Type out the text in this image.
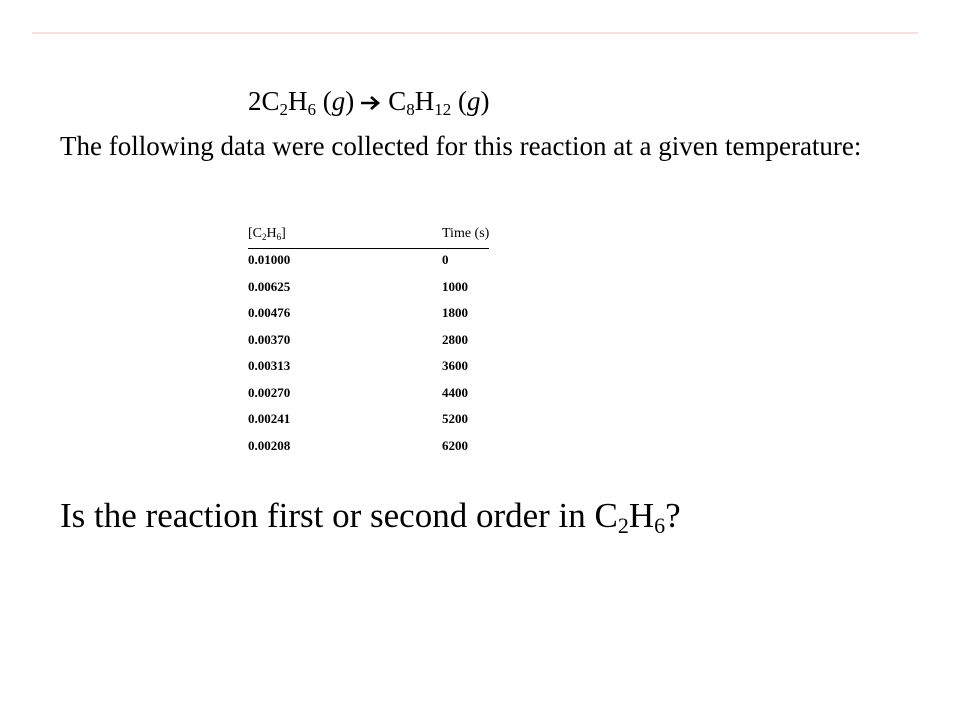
$2C_2H_6$ (g) $C_8H_{12}$ (g)
The following data were collected for this reaction at a given temperature:
$[C_2H_6]$	Time (s)
0.01000	0
0.00625	1000
0.00476	1800
0.00370	2800
0.00313	3600
0.00270	4400
0.00241	5200
0.00208	6200
Is the reaction first or second order in $C_2H_6$?
